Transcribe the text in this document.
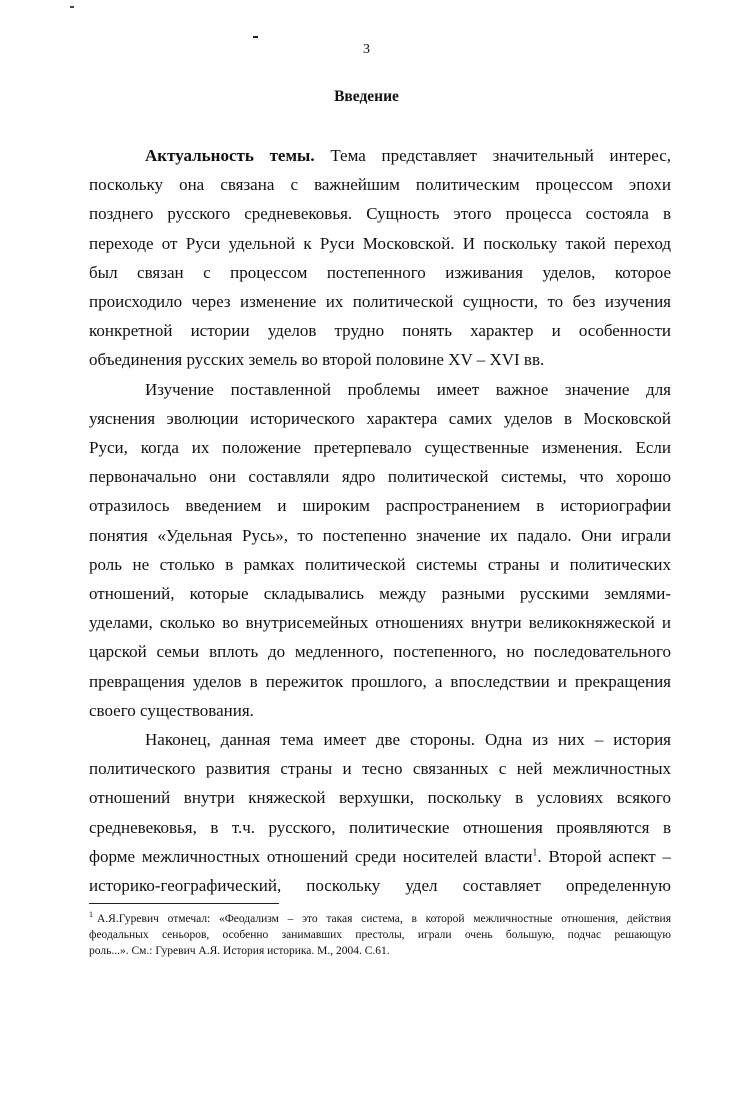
3
Введение
Актуальность темы. Тема представляет значительный интерес,
поскольку она связана с важнейшим политическим процессом эпохи
позднего русского средневековья. Сущность этого процесса состояла в
переходе от Руси удельной к Руси Московской. И поскольку такой переход
был связан с процессом постепенного изживания уделов, которое
происходило через изменение их политической сущности, то без изучения
конкретной истории уделов трудно понять характер и особенности
объединения русских земель во второй половине XV – XVI вв.
Изучение поставленной проблемы имеет важное значение для
уяснения эволюции исторического характера самих уделов в Московской
Руси, когда их положение претерпевало существенные изменения. Если
первоначально они составляли ядро политической системы, что хорошо
отразилось введением и широким распространением в историографии
понятия «Удельная Русь», то постепенно значение их падало. Они играли
роль не столько в рамках политической системы страны и политических
отношений, которые складывались между разными русскими землями-
уделами, сколько во внутрисемейных отношениях внутри великокняжеской и
царской семьи вплоть до медленного, постепенного, но последовательного
превращения уделов в пережиток прошлого, а впоследствии и прекращения
своего существования.
Наконец, данная тема имеет две стороны. Одна из них – история
политического развития страны и тесно связанных с ней межличностных
отношений внутри княжеской верхушки, поскольку в условиях всякого
средневековья, в т.ч. русского, политические отношения проявляются в
форме межличностных отношений среди носителей власти$^1$. Второй аспект –
историко-географический, поскольку удел составляет определенную
$^1$ А.Я.Гуревич отмечал: «Феодализм – это такая система, в которой межличностные отношения, действия
феодальных сеньоров, особенно занимавших престолы, играли очень большую, подчас решающую
роль...». См.: Гуревич А.Я. История историка. М., 2004. С.61.
